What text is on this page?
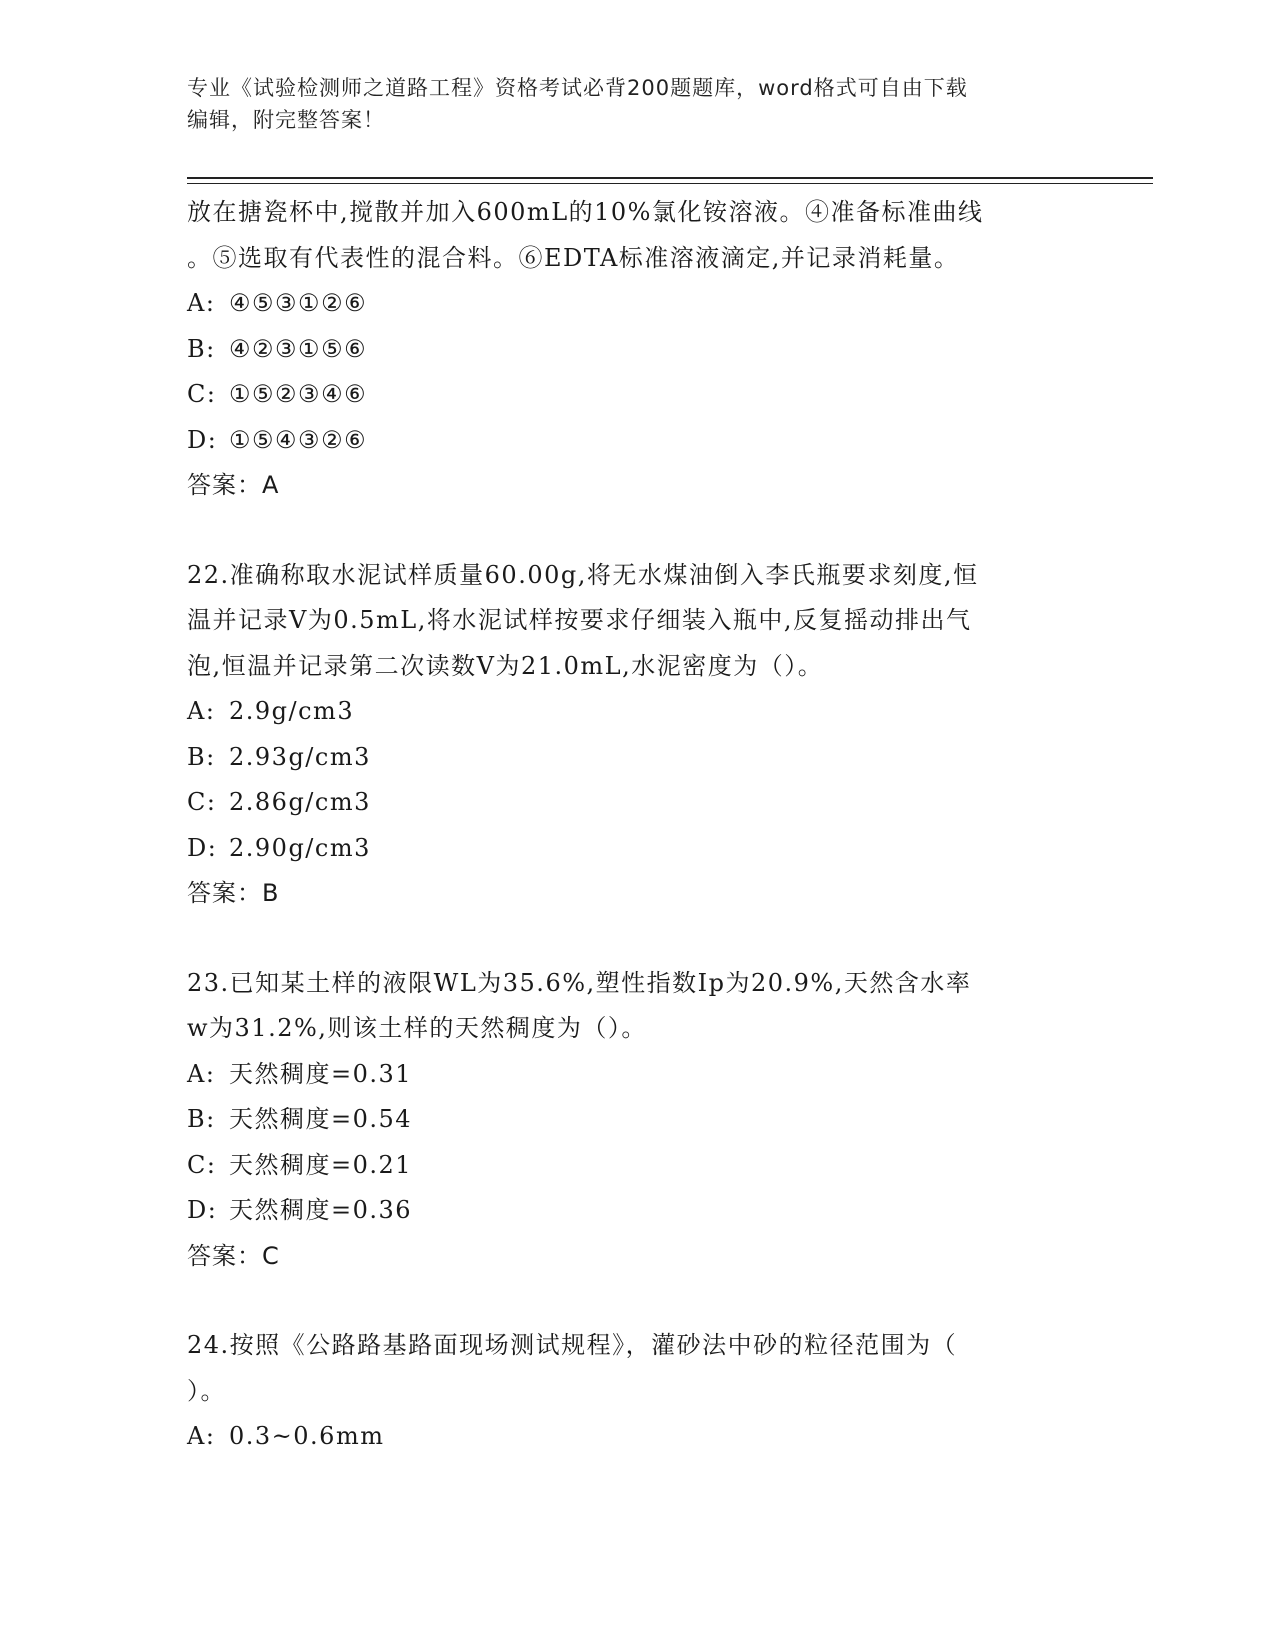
专业《试验检测师之道路工程》资格考试必背200题题库，word格式可自由下载
编辑，附完整答案！
放在搪瓷杯中,搅散并加入600mL的10%氯化铵溶液。④准备标准曲线
。⑤选取有代表性的混合料。⑥EDTA标准溶液滴定,并记录消耗量。
A: ④⑤③①②⑥
B: ④②③①⑤⑥
C: ①⑤②③④⑥
D: ①⑤④③②⑥
答案：A
22.准确称取水泥试样质量60.00g,将无水煤油倒入李氏瓶要求刻度,恒
温并记录V为0.5mL,将水泥试样按要求仔细装入瓶中,反复摇动排出气
泡,恒温并记录第二次读数V为21.0mL,水泥密度为（）。
A: 2.9g/cm3
B: 2.93g/cm3
C: 2.86g/cm3
D: 2.90g/cm3
答案：B
23.已知某土样的液限WL为35.6%,塑性指数Ip为20.9%,天然含水率
w为31.2%,则该土样的天然稠度为（）。
A: 天然稠度=0.31
B: 天然稠度=0.54
C: 天然稠度=0.21
D: 天然稠度=0.36
答案：C
24.按照《公路路基路面现场测试规程》，灌砂法中砂的粒径范围为（
）。
A: 0.3~0.6mm
